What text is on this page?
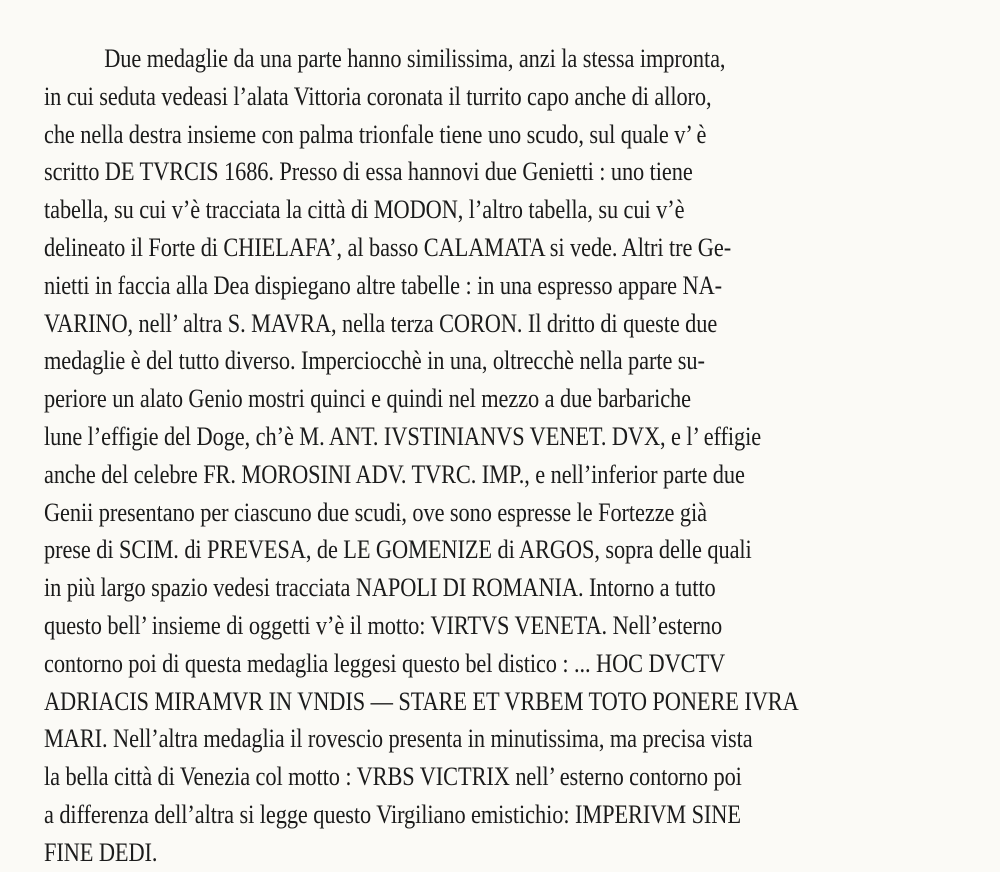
Due medaglie da una parte hanno similissima, anzi la stessa impronta,
in cui seduta vedeasi l’alata Vittoria coronata il turrito capo anche di alloro,
che nella destra insieme con palma trionfale tiene uno scudo, sul quale v’ è
scritto DE TVRCIS 1686. Presso di essa hannovi due Genietti : uno tiene
tabella, su cui v’è tracciata la città di MODON, l’altro tabella, su cui v’è
delineato il Forte di CHIELAFA’, al basso CALAMATA si vede. Altri tre Ge-
nietti in faccia alla Dea dispiegano altre tabelle : in una espresso appare NA-
VARINO, nell’ altra S. MAVRA, nella terza CORON. Il dritto di queste due
medaglie è del tutto diverso. Imperciocchè in una, oltrecchè nella parte su-
periore un alato Genio mostri quinci e quindi nel mezzo a due barbariche
lune l’effigie del Doge, ch’è M. ANT. IVSTINIANVS VENET. DVX, e l’ effigie
anche del celebre FR. MOROSINI ADV. TVRC. IMP., e nell’inferior parte due
Genii presentano per ciascuno due scudi, ove sono espresse le Fortezze già
prese di SCIM. di PREVESA, de LE GOMENIZE di ARGOS, sopra delle quali
in più largo spazio vedesi tracciata NAPOLI DI ROMANIA. Intorno a tutto
questo bell’ insieme di oggetti v’è il motto: VIRTVS VENETA. Nell’esterno
contorno poi di questa medaglia leggesi questo bel distico : ... HOC DVCTV
ADRIACIS MIRAMVR IN VNDIS — STARE ET VRBEM TOTO PONERE IVRA
MARI. Nell’altra medaglia il rovescio presenta in minutissima, ma precisa vista
la bella città di Venezia col motto : VRBS VICTRIX nell’ esterno contorno poi
a differenza dell’altra si legge questo Virgiliano emistichio: IMPERIVM SINE
FINE DEDI.
